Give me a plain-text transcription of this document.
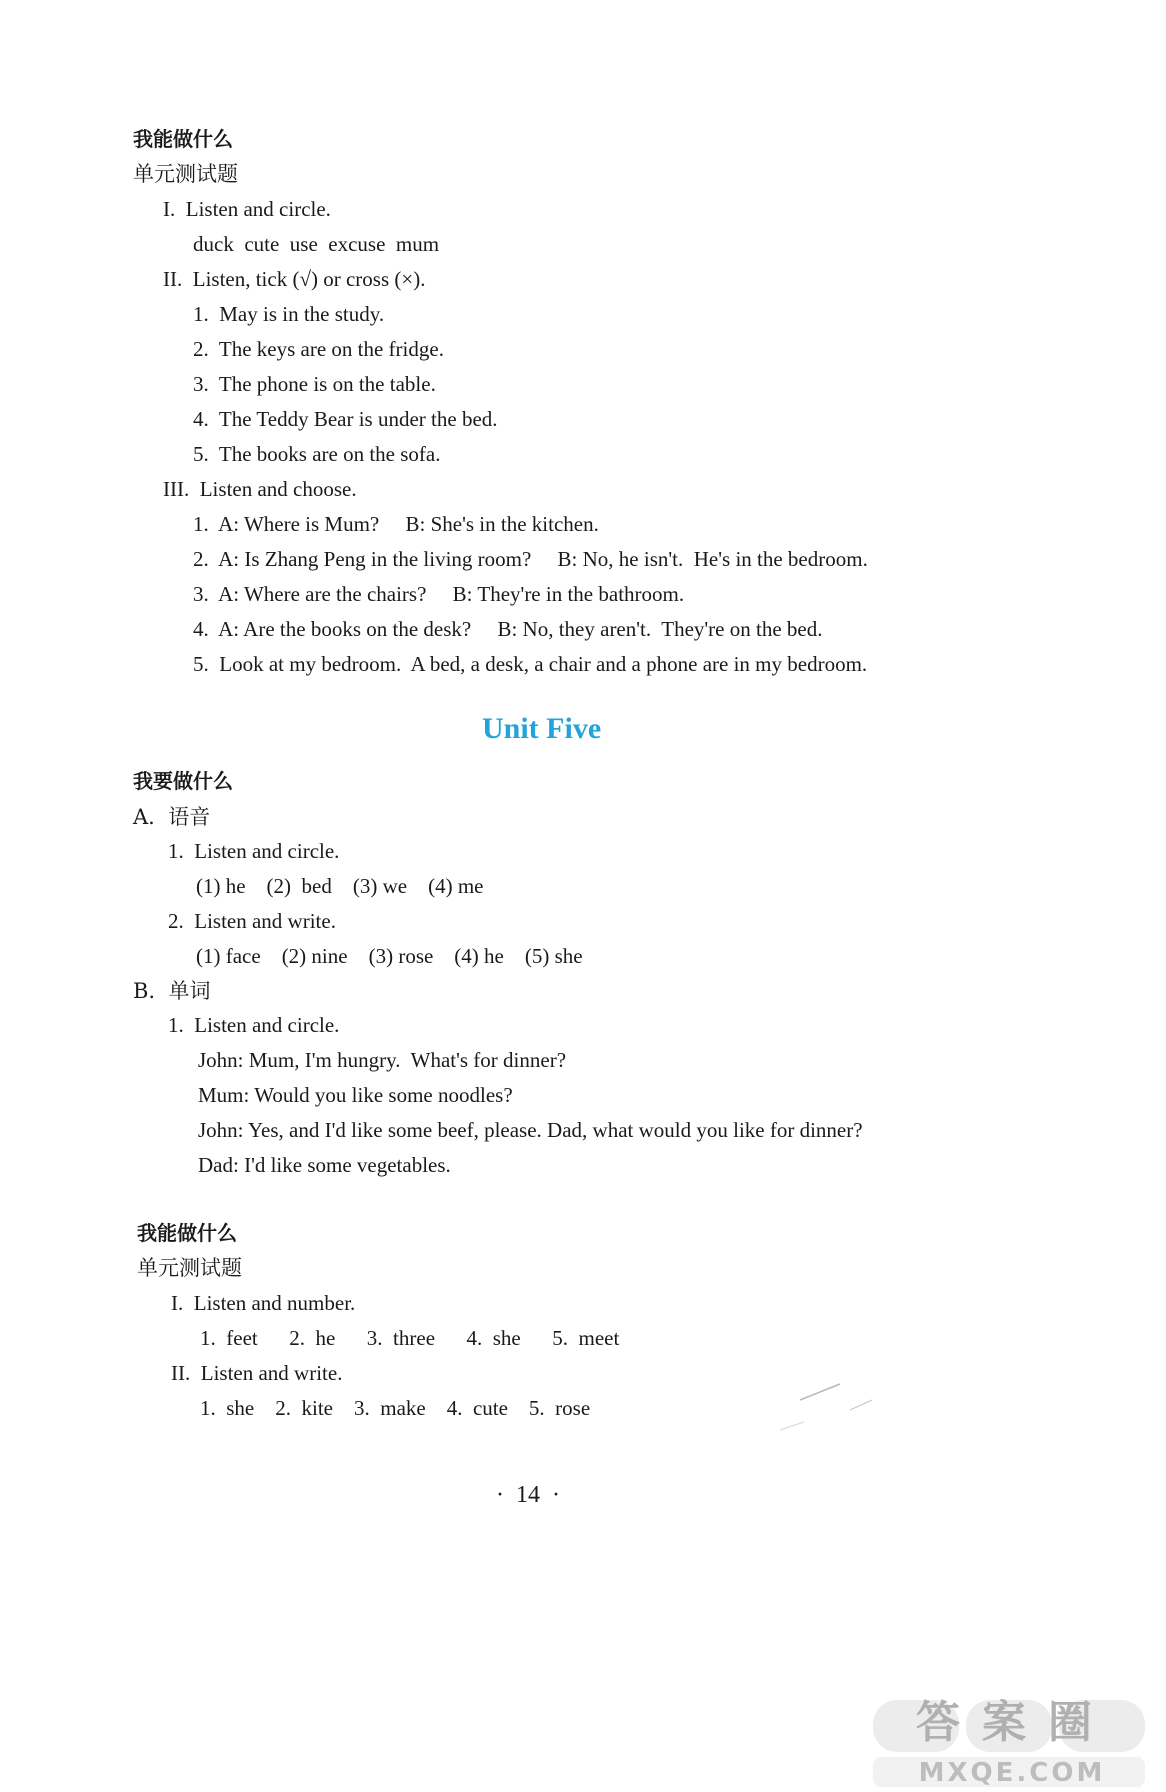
我能做什么
单元测试题
I.  Listen and circle.
duck  cute  use  excuse  mum
II.  Listen, tick (√) or cross (×).
1.  May is in the study.
2.  The keys are on the fridge.
3.  The phone is on the table.
4.  The Teddy Bear is under the bed.
5.  The books are on the sofa.
III.  Listen and choose.
1.  A: Where is Mum?     B: She's in the kitchen.
2.  A: Is Zhang Peng in the living room?     B: No, he isn't.  He's in the bedroom.
3.  A: Where are the chairs?     B: They're in the bathroom.
4.  A: Are the books on the desk?     B: No, they aren't.  They're on the bed.
5.  Look at my bedroom.  A bed, a desk, a chair and a phone are in my bedroom.
Unit Five
我要做什么
A.  语音
1.  Listen and circle.
(1) he    (2)  bed    (3) we    (4) me
2.  Listen and write.
(1) face    (2) nine    (3) rose    (4) he    (5) she
B.  单词
1.  Listen and circle.
John: Mum, I'm hungry.  What's for dinner?
Mum: Would you like some noodles?
John: Yes, and I'd like some beef, please. Dad, what would you like for dinner?
Dad: I'd like some vegetables.
我能做什么
单元测试题
I.  Listen and number.
1.  feet      2.  he      3.  three      4.  she      5.  meet
II.  Listen and write.
1.  she    2.  kite    3.  make    4.  cute    5.  rose
·  14  ·
答案圈
MXQE.COM
